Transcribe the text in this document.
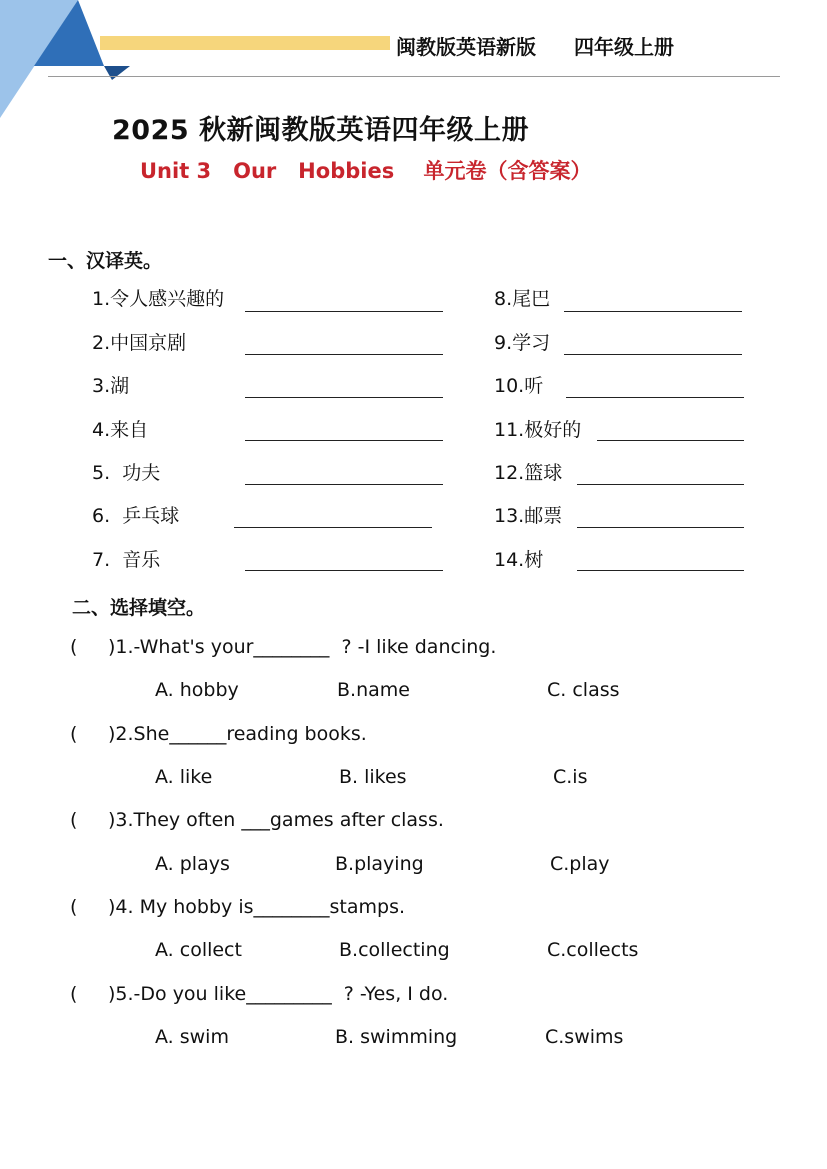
闽教版英语新版 四年级上册
2025 秋新闽教版英语四年级上册
Unit 3   Our   Hobbies    单元卷（含答案）
一、汉译英。
1.令人感兴趣的
2.中国京剧
3.湖
4.来自
5.  功夫
6.  乒乓球
7.  音乐
8.尾巴
9.学习
10.听
11.极好的
12.篮球
13.邮票
14.树
二、选择填空。
( )1.-What's your________  ? -I like dancing.
A. hobby	B.name	C. class
( )2.She______reading books.
A. like	B. likes	C.is
( )3.They often ___games after class.
A. plays	B.playing	C.play
( )4. My hobby is________stamps.
A. collect	B.collecting	C.collects
( )5.-Do you like_________  ? -Yes, I do.
A. swim	B. swimming	C.swims
